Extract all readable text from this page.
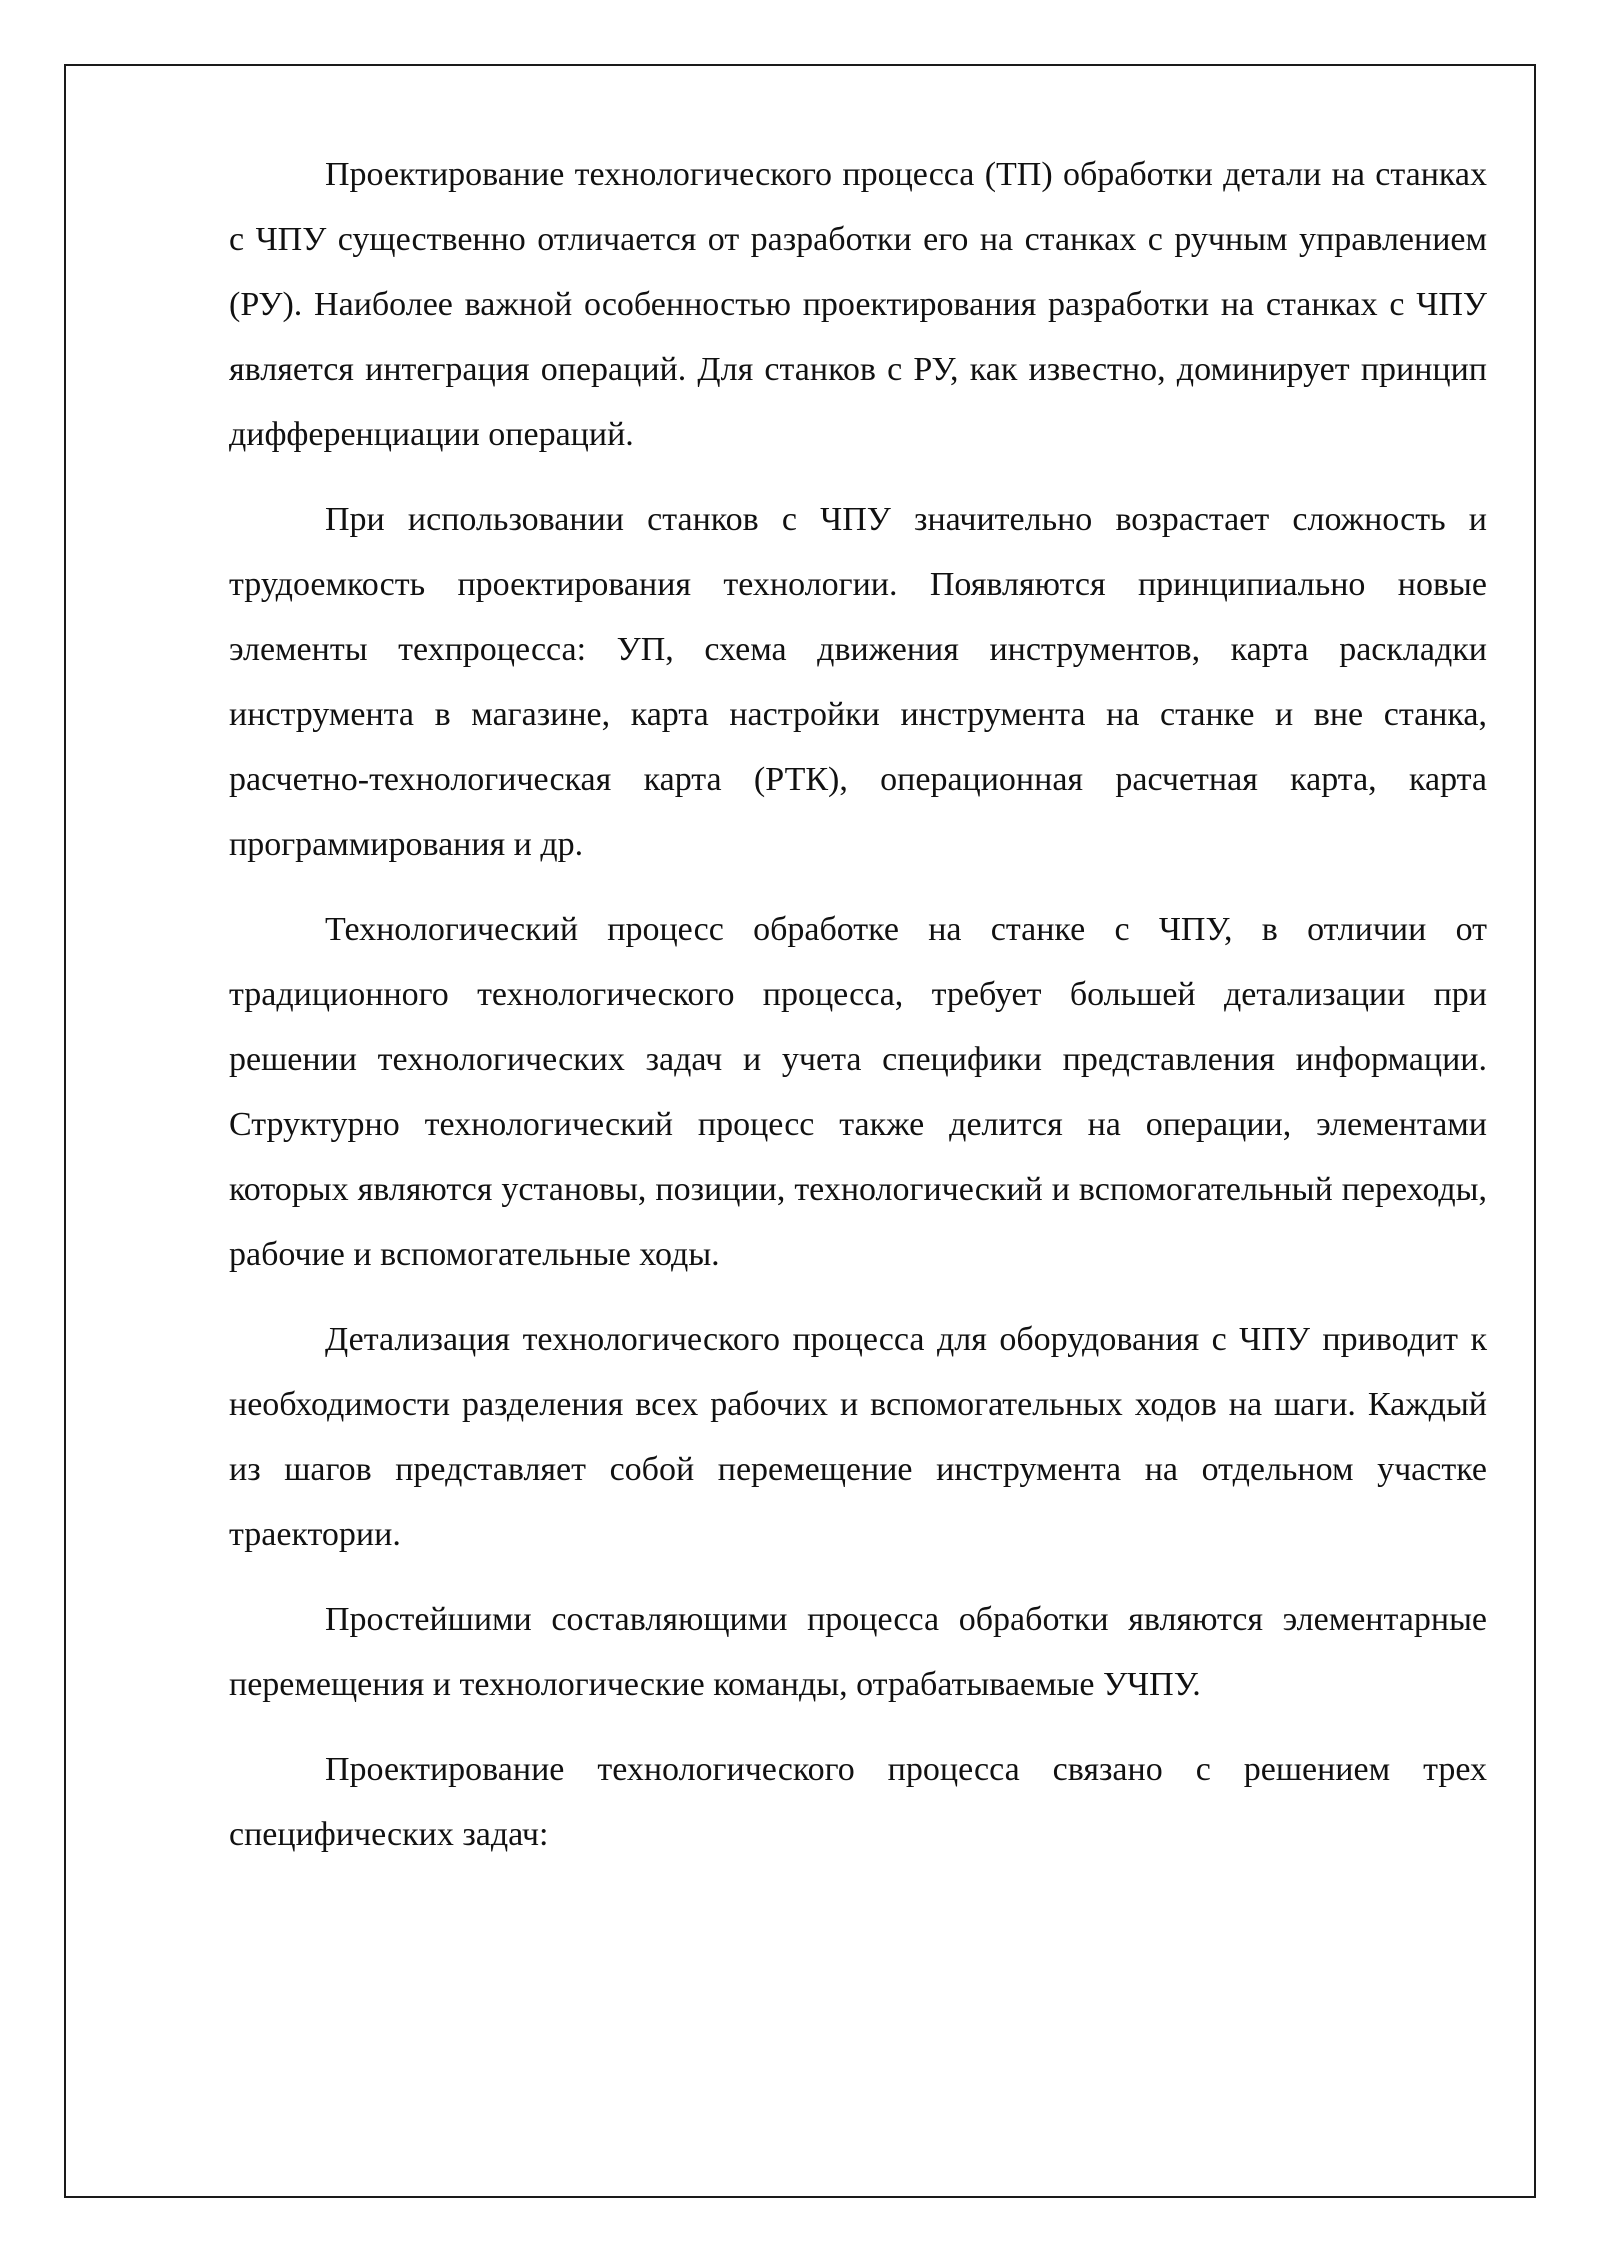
Проектирование технологического процесса (ТП) обработки детали на станках с ЧПУ существенно отличается от разработки его на станках с ручным управлением (РУ). Наиболее важной особенностью проектирования разработки на станках с ЧПУ является интеграция операций. Для станков с РУ, как известно, доминирует принцип дифференциации операций.

При использовании станков с ЧПУ значительно возрастает сложность и трудоемкость проектирования технологии. Появляются принципиально новые элементы техпроцесса: УП, схема движения инструментов, карта раскладки инструмента в магазине, карта настройки инструмента на станке и вне станка, расчетно-технологическая карта (РТК), операционная расчетная карта, карта программирования и др.

Технологический процесс обработке на станке с ЧПУ, в отличии от традиционного технологического процесса, требует большей детализации при решении технологических задач и учета специфики представления информации. Структурно технологический процесс также делится на операции, элементами которых являются установы, позиции, технологический и вспомогательный переходы, рабочие и вспомогательные ходы.

Детализация технологического процесса для оборудования с ЧПУ приводит к необходимости разделения всех рабочих и вспомогательных ходов на шаги. Каждый из шагов представляет собой перемещение инструмента на отдельном участке траектории.

Простейшими составляющими процесса обработки являются элементарные перемещения и технологические команды, отрабатываемые УЧПУ.

Проектирование технологического процесса связано с решением трех специфических задач:
